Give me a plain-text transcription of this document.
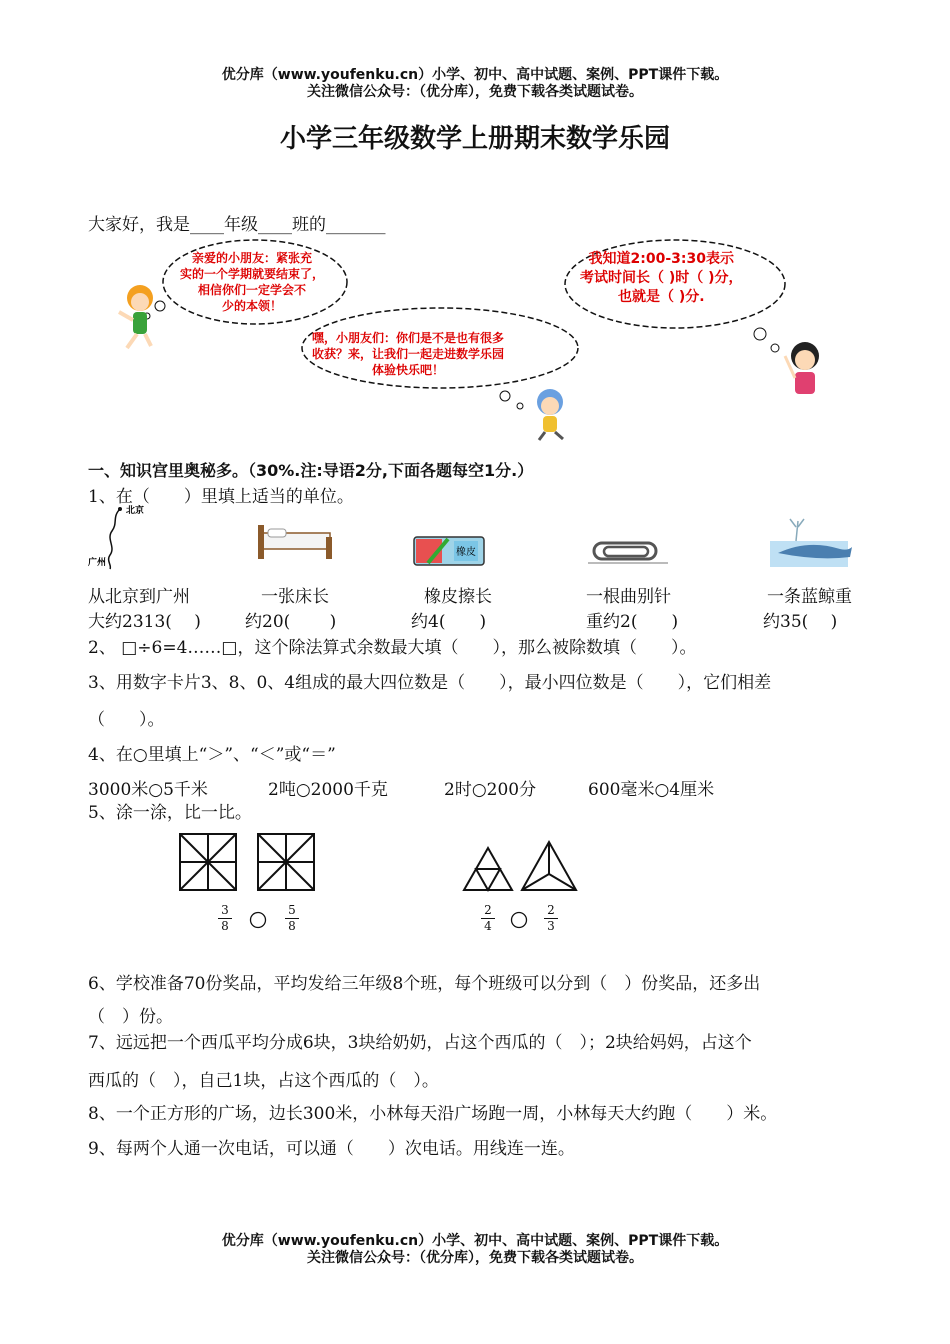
优分库（www.youfenku.cn）小学、初中、高中试题、案例、PPT课件下载。
关注微信公众号：（优分库），免费下载各类试题试卷。
小学三年级数学上册期末数学乐园
大家好，我是____年级____班的_______
亲爱的小朋友：紧张充
实的一个学期就要结束了，
相信你们一定学会不
少的本领！
嘿，小朋友们：你们是不是也有很多
收获？来，让我们一起走进数学乐园
体验快乐吧！
我知道2:00-3:30表示
考试时间长（ )时（ )分，
也就是（ )分.
一、知识宫里奥秘多。（30%.注:导语2分,下面各题每空1分.）
1、在（　　）里填上适当的单位。
北京
广州
橡皮
从北京到广州	一张床长	橡皮擦长	一根曲别针	一条蓝鲸重
大约2313(　 )	约20(　　 )	约4(　　)	重约2(　　)	约35(　 )
2、 □÷6=4……□，这个除法算式余数最大填（　　），那么被除数填（　　）。
3、用数字卡片3、8、0、4组成的最大四位数是（　　），最小四位数是（　　），它们相差
（　　）。
4、在○里填上“＞”、“＜”或“＝”
3000米○5千米	2吨○2000千克	2时○200分	600毫米○4厘米
5、涂一涂，比一比。
3
8
5
8
2
4
2
3
6、学校准备70份奖品，平均发给三年级8个班，每个班级可以分到（　）份奖品，还多出
（　）份。
7、远远把一个西瓜平均分成6块，3块给奶奶，占这个西瓜的（　）；2块给妈妈，占这个
西瓜的（　），自己1块，占这个西瓜的（　）。
8、一个正方形的广场，边长300米，小林每天沿广场跑一周，小林每天大约跑（　　）米。
9、每两个人通一次电话，可以通（　　）次电话。用线连一连。
优分库（www.youfenku.cn）小学、初中、高中试题、案例、PPT课件下载。
关注微信公众号：（优分库），免费下载各类试题试卷。
